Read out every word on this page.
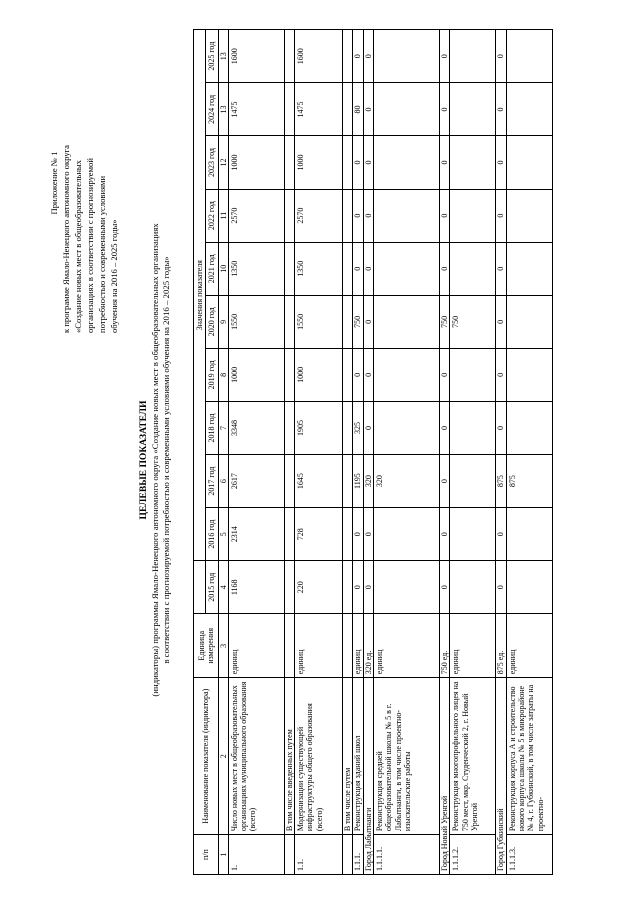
Приложение № 1 к программе Ямало-Ненецкого автономного округа «Создание новых мест в общеобразовательных организациях в соответствии с прогнозируемой потребностью и современными условиями обучения на 2016 – 2025 годы»
ЦЕЛЕВЫЕ ПОКАЗАТЕЛИ (индикаторы) программы Ямало-Ненецкого автономного округа «Создание новых мест в общеобразовательных организациях в соответствии с прогнозируемой потребностью и современными условиями обучения на 2016 – 2025 годы»
п/п	Наименование показателя (индикатора)	Единица измерения		Значения показателя									
			2015 год	2016 год	2017 год	2018 год	2019 год	2020 год	2021 год	2022 год	2023 год	2024 год	2025 год
1	2	3	4	5	6	7	8	9	10	11	12	13	13
1.	Число новых мест в общеобразовательных организациях муниципального образования (всего)	единиц	1168	2314	2617	3348	1000	1550	1350	2570	1000	1475	1600
	В том числе введенных путем												
1.1.	Модернизации существующей инфраструктуры общего образования (всего)	единиц	220	728	1645	1905	1000	1550	1350	2570	1000	1475	1600
	В том числе путем												
1.1.1.	Реконструкция зданий школ	единиц	0	0	1195	325	0	750	0	0	0	80	0
Город Лабытнанги		320 ед.	0	0	320	0	0	0	0	0	0	0	0
1.1.1.1.	Реконструкция средней общеобразовательной школы № 5 в г. Лабытнанги, в том числе проектно-изыскательские работы	единиц			320								
Город Новый Уренгой		750 ед.	0	0	0	0	0	750	0	0	0	0	0
1.1.1.2.	Реконструкция многопрофильного лицея на 750 мест, мкр. Студенческий 2, г. Новый Уренгой	единиц						750					
Город Губкинский		875 ед.	0	0	875	0	0	0	0	0	0	0	0
1.1.1.3.	Реконструкция корпуса А и строительство нового корпуса школы № 5 в микрорайоне № 4, г. Губкинский, в том числе затраты на проектно-	единиц			875								
